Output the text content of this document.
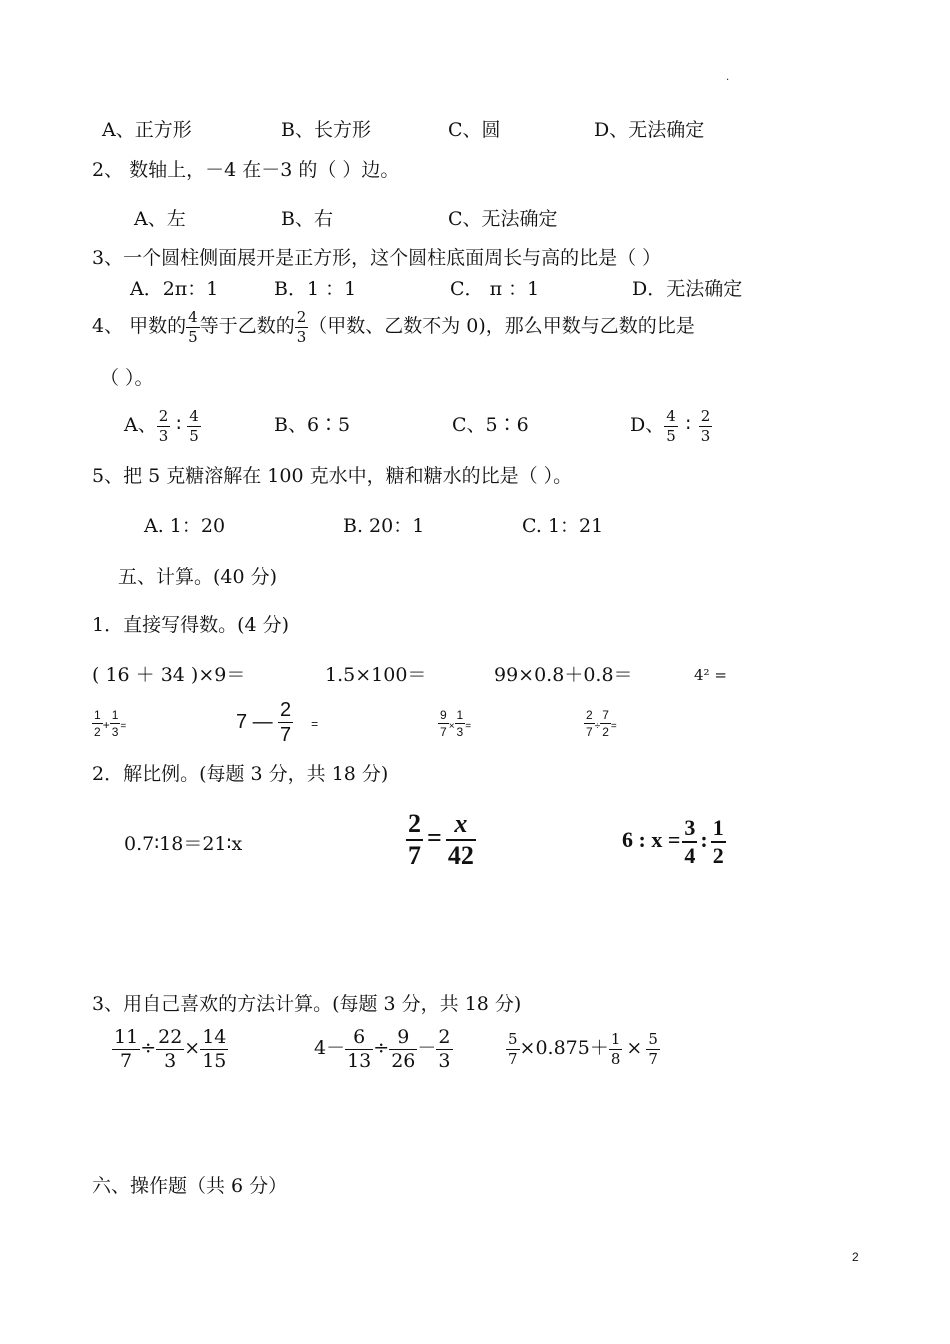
.
A、正方形	B、长方形	C、圆	D、无法确定
2、 数轴上，－4 在－3 的（ ）边。
A、左	B、右	C、无法确定
3、一个圆柱侧面展开是正方形，这个圆柱底面周长与高的比是（ ）
A．2π：1	B．1 ：1	C． π ：1	D．无法确定
4、 甲数的 $\frac{4}{5}$ 等于乙数的 $\frac{2}{3}$ （甲数、乙数不为 0)，那么甲数与乙数的比是
（ ）。
A、 $\frac{2}{3}$ ∶ $\frac{4}{5}$	B、6∶5	C、5∶6	D、 $\frac{4}{5}$ ∶ $\frac{2}{3}$
5、把 5 克糖溶解在 100 克水中，糖和糖水的比是（ ）。
A. 1：20	B. 20：1	C. 1：21
五、计算。(40 分)
1．直接写得数。(4 分)
( 16 ＋ 34 )×9＝	1.5×100＝	99×0.8＋0.8＝	4² =
$\frac{1}{2} + \frac{1}{3}$ =	7 — $\frac{2}{7}$ =	$\frac{9}{7} \times \frac{1}{3}$ =	$\frac{2}{7} \div \frac{7}{2}$ =
2．解比例。(每题 3 分，共 18 分)
0.7∶18＝21∶x	$\frac{2}{7} = \frac{x}{42}$	6 : $x = \frac{3}{4}$ : $\frac{1}{2}$
3、用自己喜欢的方法计算。(每题 3 分，共 18 分)
$\frac{11}{7} \div \frac{22}{3} \times \frac{14}{15}$	$4- \frac{6}{13} \div \frac{9}{26} - \frac{2}{3}$	$\frac{5}{7} \times 0.875+ \frac{1}{8} \times \frac{5}{7}$
六、操作题（共 6 分）
2
